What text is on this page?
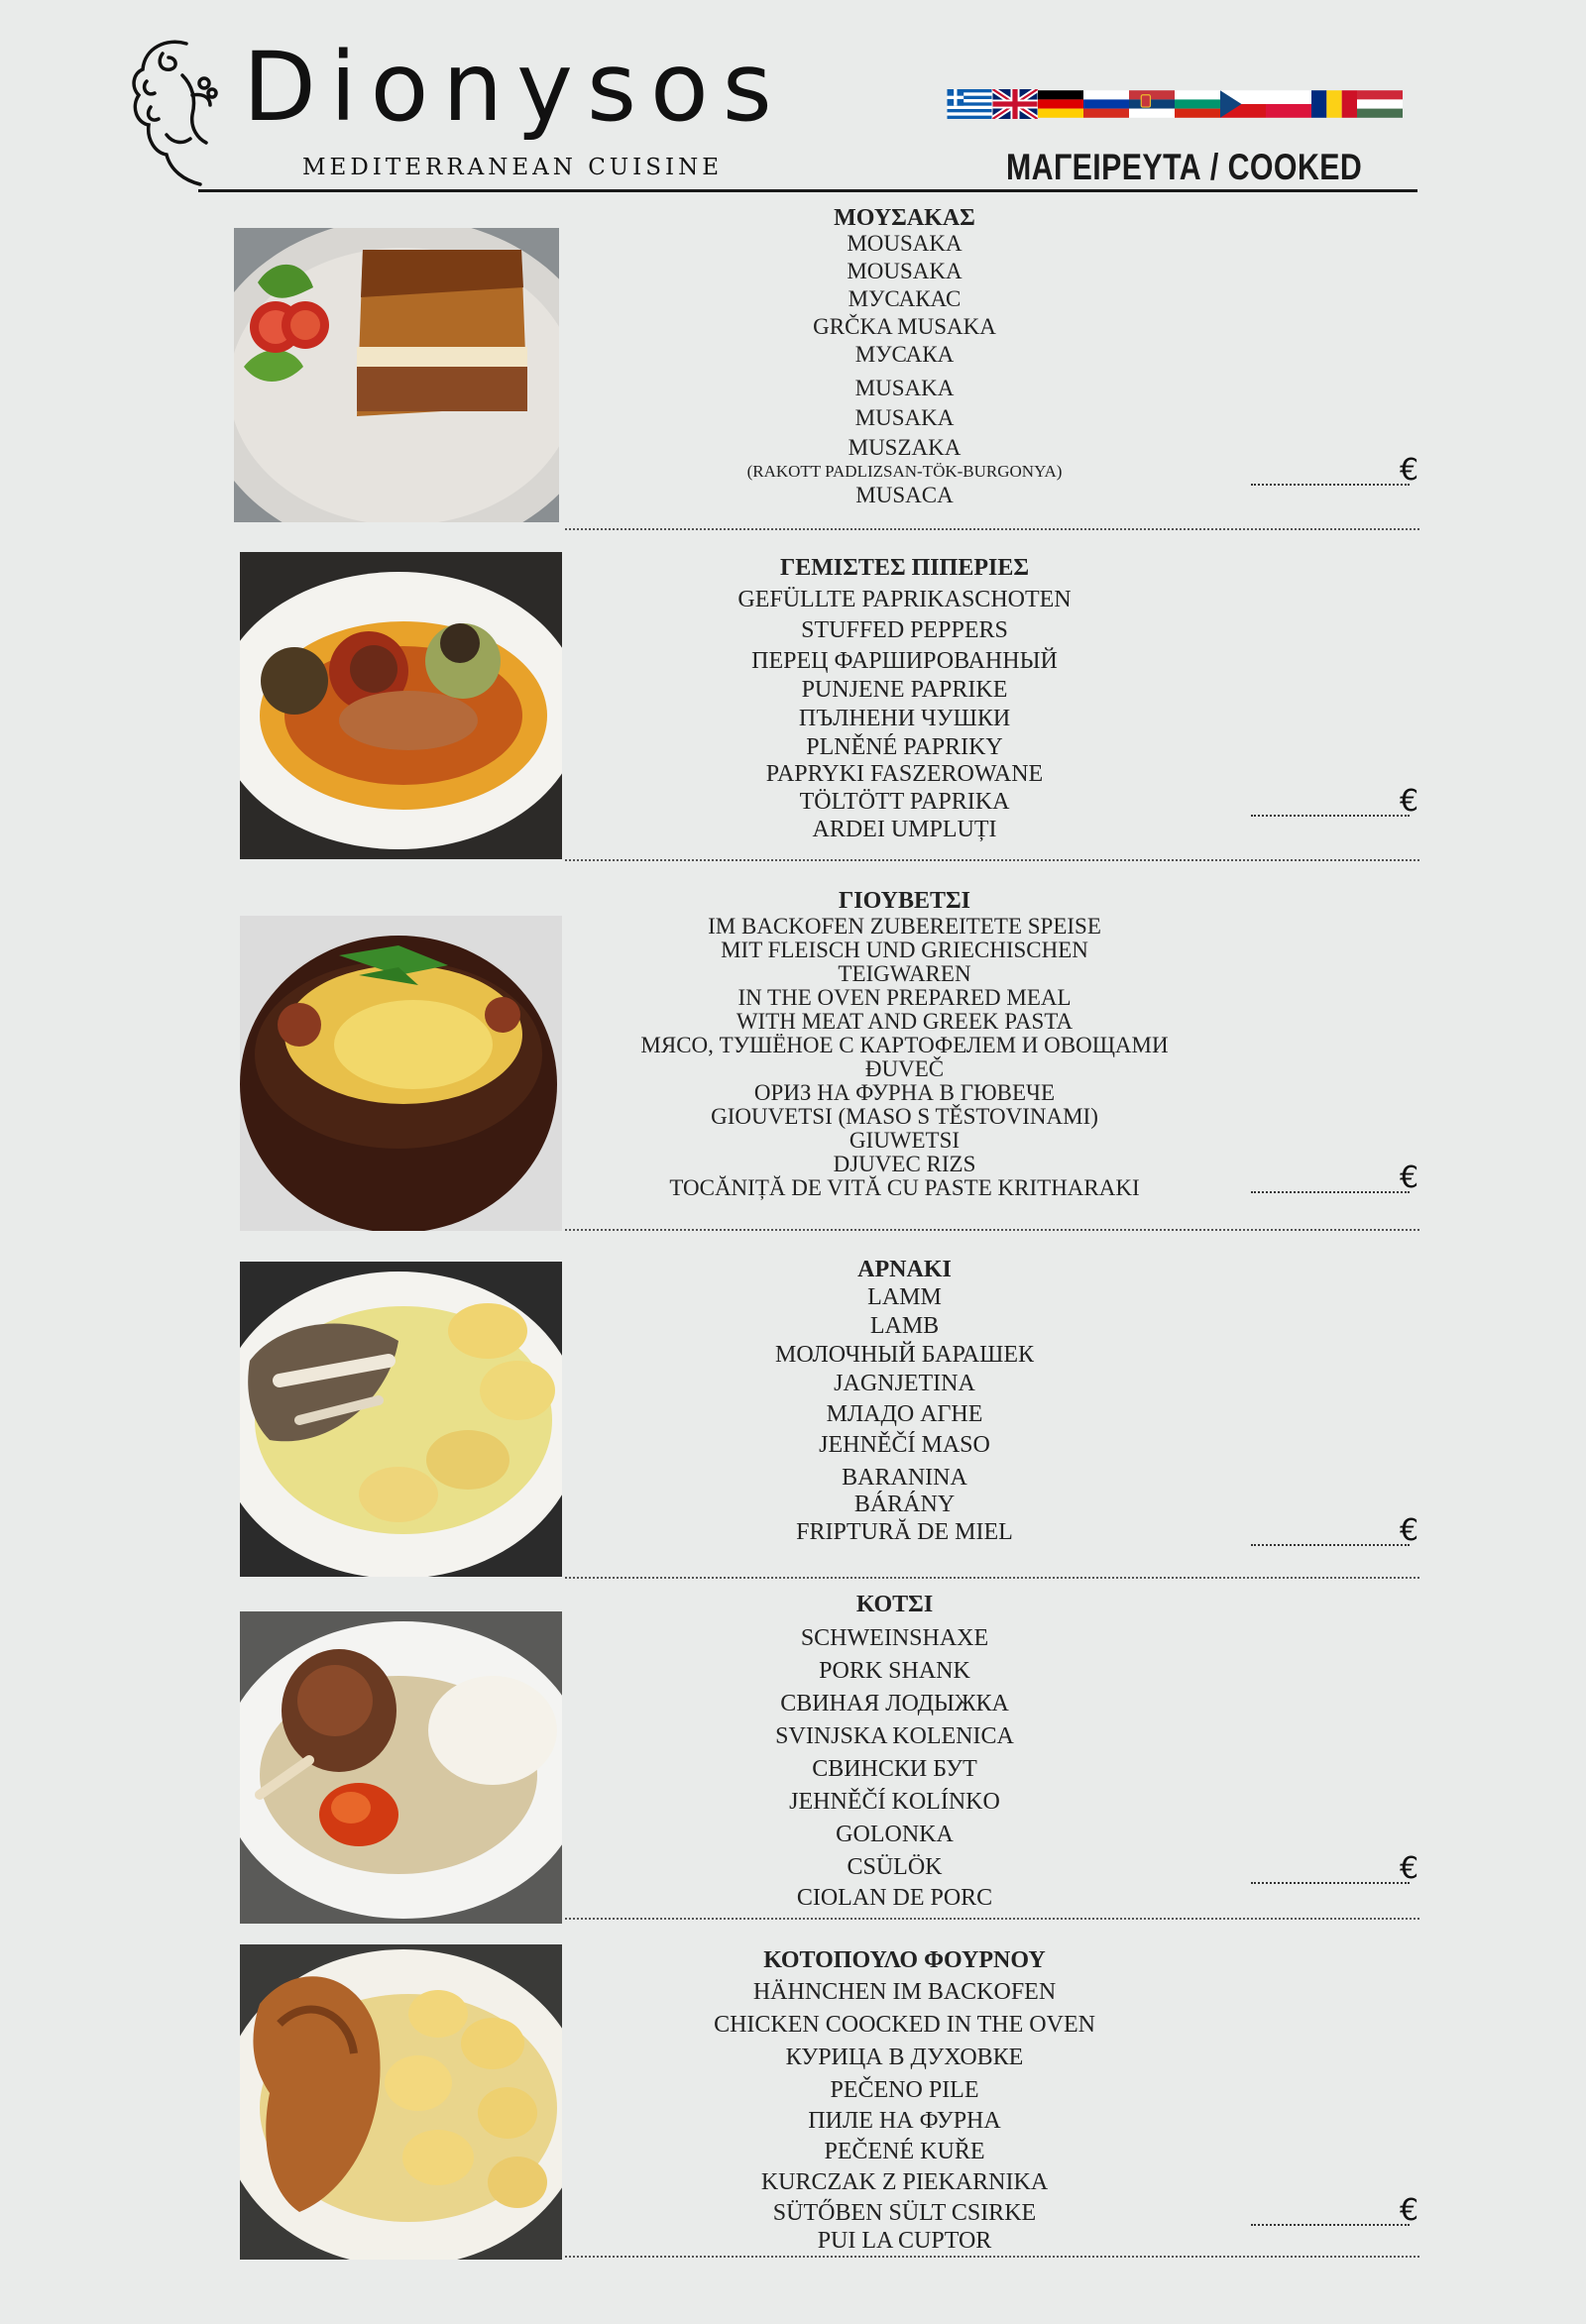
Dionysos
MEDITERRANEAN CUISINE	ΜΑΓΕΙΡΕΥΤΑ / COOKED
ΜΟΥΣΑΚΑΣ
MOUSAKA
MOUSAKA
МУСАКАС
GRČKA MUSAKA
МУСАКА
MUSAKA
MUSAKA
MUSZAKA
(RAKOTT PADLIZSAN-TÖK-BURGONYA)
MUSACA
€
ΓΕΜΙΣΤΕΣ ΠΙΠΕΡΙΕΣ
GEFÜLLTE PAPRIKASCHOTEN
STUFFED PEPPERS
ПЕРЕЦ ФАРШИРОВАННЫЙ
PUNJENE PAPRIKE
ПЪЛНЕНИ ЧУШКИ
PLNĚNÉ PAPRIKY
PAPRYKI FASZEROWANE
TÖLTÖTT PAPRIKA
ARDEI UMPLUȚI
€
ΓΙΟΥΒΕΤΣΙ
IM BACKOFEN ZUBEREITETE SPEISE
MIT FLEISCH UND GRIECHISCHEN
TEIGWAREN
IN THE OVEN PREPARED MEAL
WITH MEAT AND GREEK PASTA
МЯСО, ТУШЁНОЕ С КАРТОФЕЛЕМ И ОВОЩАМИ
ĐUVEČ
ОРИЗ НА ФУРНА В ГЮВЕЧЕ
GIOUVETSI (MASO S TĚSTOVINAMI)
GIUWETSI
DJUVEC RIZS
TOCĂNIȚĂ DE VITĂ CU PASTE KRITHARAKI	€
ΑΡΝΑΚΙ
LAMM
LAMB
МОЛОЧНЫЙ БАРАШЕК
JAGNJETINA
МЛАДО АГНЕ
JEHNĚČÍ MASO
BARANINA
BÁRÁNY
FRIPTURĂ DE MIEL	€
ΚΟΤΣΙ
SCHWEINSHAXE
PORK SHANK
СВИНАЯ ЛОДЫЖКА
SVINJSKA KOLENICA
СВИНСКИ БУТ
JEHNĚČÍ KOLÍNKO
GOLONKA
CSÜLÖK
CIOLAN DE PORC
€
ΚΟΤΟΠΟΥΛΟ ΦΟΥΡΝΟΥ
HÄHNCHEN IM BACKOFEN
CHICKEN COOCKED IN THE OVEN
КУРИЦА В ДУХОВКЕ
PEČENO PILE
ПИЛЕ НА ФУРНА
PEČENÉ KUŘE
KURCZAK Z PIEKARNIKA
SÜTŐBEN SÜLT CSIRKE
PUI LA CUPTOR
€
